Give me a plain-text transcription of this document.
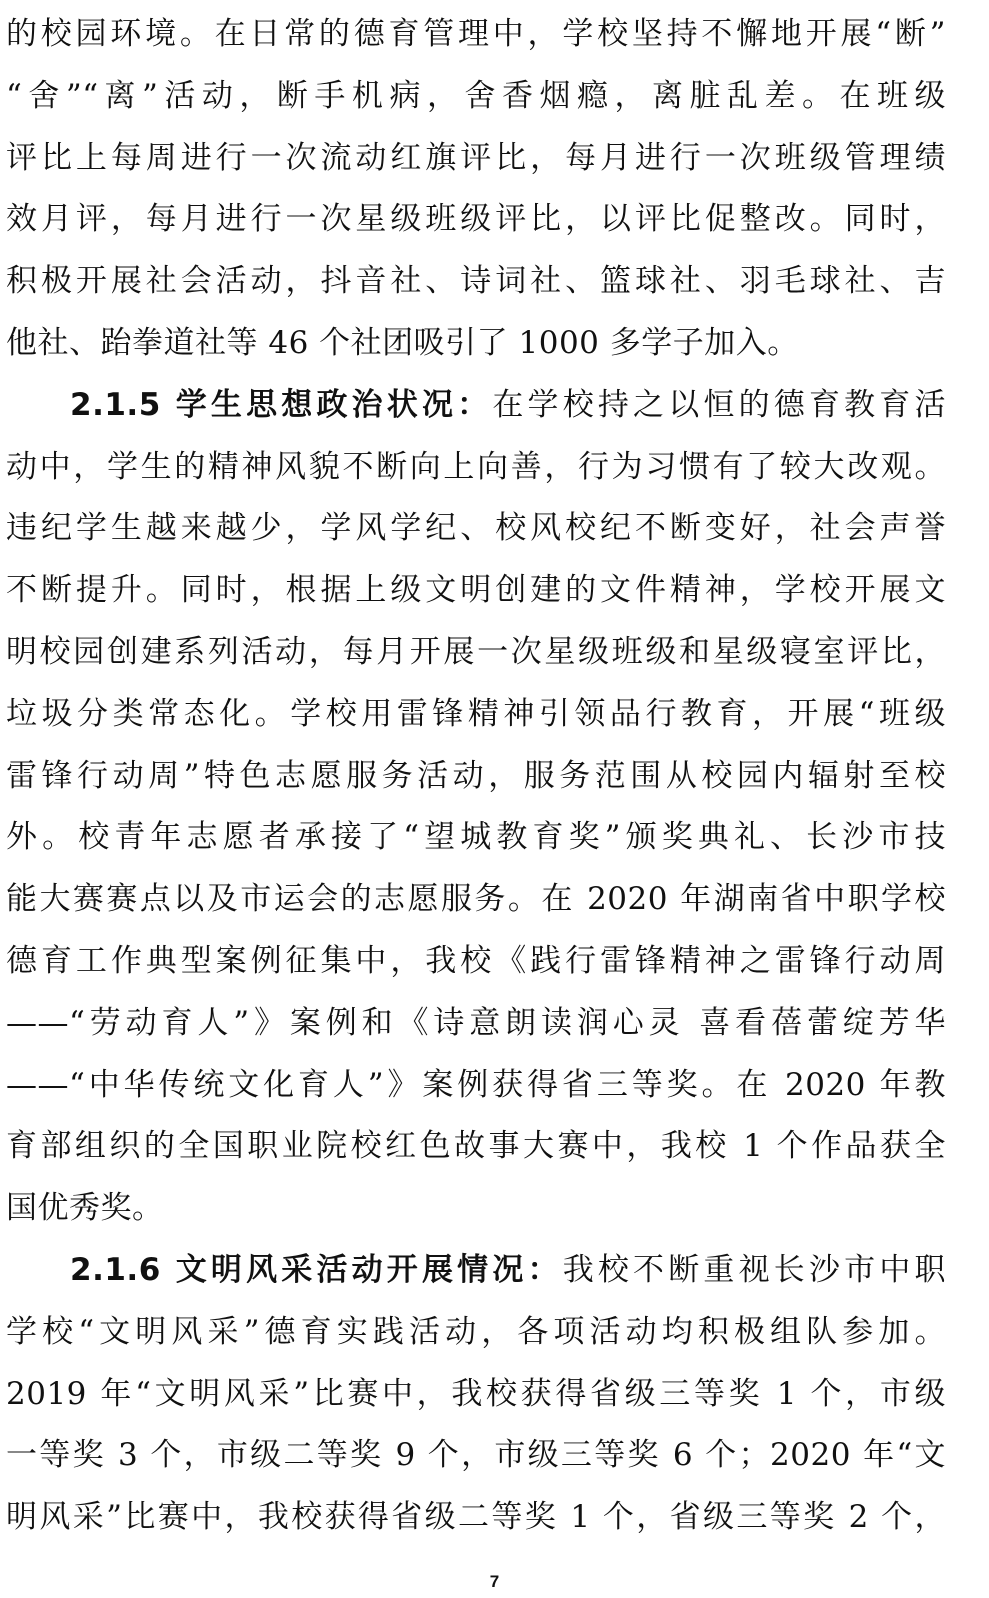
的校园环境。在日常的德育管理中，学校坚持不懈地开展“断”
“舍”“离”活动，断手机病，舍香烟瘾，离脏乱差。在班级
评比上每周进行一次流动红旗评比，每月进行一次班级管理绩
效月评，每月进行一次星级班级评比，以评比促整改。同时，
积极开展社会活动，抖音社、诗词社、篮球社、羽毛球社、吉
他社、跆拳道社等 46 个社团吸引了 1000 多学子加入。
2.1.5 学生思想政治状况：在学校持之以恒的德育教育活
动中，学生的精神风貌不断向上向善，行为习惯有了较大改观。
违纪学生越来越少，学风学纪、校风校纪不断变好，社会声誉
不断提升。同时，根据上级文明创建的文件精神，学校开展文
明校园创建系列活动，每月开展一次星级班级和星级寝室评比，
垃圾分类常态化。学校用雷锋精神引领品行教育，开展“班级
雷锋行动周”特色志愿服务活动，服务范围从校园内辐射至校
外。校青年志愿者承接了“望城教育奖”颁奖典礼、长沙市技
能大赛赛点以及市运会的志愿服务。在 2020 年湖南省中职学校
德育工作典型案例征集中，我校《践行雷锋精神之雷锋行动周
——“劳动育人”》案例和《诗意朗读润心灵 喜看蓓蕾绽芳华
——“中华传统文化育人”》案例获得省三等奖。在 2020 年教
育部组织的全国职业院校红色故事大赛中，我校 1 个作品获全
国优秀奖。
2.1.6 文明风采活动开展情况：我校不断重视长沙市中职
学校“文明风采”德育实践活动，各项活动均积极组队参加。
2019 年“文明风采”比赛中，我校获得省级三等奖 1 个，市级
一等奖 3 个，市级二等奖 9 个，市级三等奖 6 个；2020 年“文
明风采”比赛中，我校获得省级二等奖 1 个，省级三等奖 2 个，
7
